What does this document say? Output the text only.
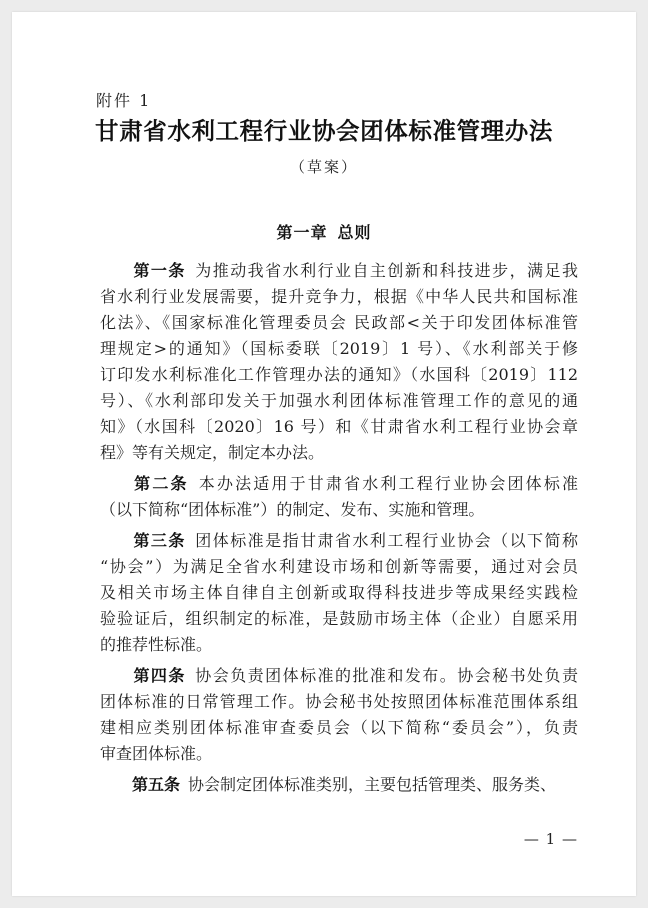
附件 1
甘肃省水利工程行业协会团体标准管理办法
（草案）
第一章 总则
第一条  为推动我省水利行业自主创新和科技进步，满足我
省水利行业发展需要，提升竞争力，根据《中华人民共和国标准
化法》、《国家标准化管理委员会 民政部<关于印发团体标准管
理规定>的通知》（国标委联〔2019〕1 号）、《水利部关于修
订印发水利标准化工作管理办法的通知》（水国科〔2019〕112
号）、《水利部印发关于加强水利团体标准管理工作的意见的通
知》（水国科〔2020〕16 号）和《甘肃省水利工程行业协会章
程》等有关规定，制定本办法。
第二条  本办法适用于甘肃省水利工程行业协会团体标准
（以下简称“团体标准”）的制定、发布、实施和管理。
第三条  团体标准是指甘肃省水利工程行业协会（以下简称
“协会”）为满足全省水利建设市场和创新等需要，通过对会员
及相关市场主体自律自主创新或取得科技进步等成果经实践检
验验证后，组织制定的标准，是鼓励市场主体（企业）自愿采用
的推荐性标准。
第四条  协会负责团体标准的批准和发布。协会秘书处负责
团体标准的日常管理工作。协会秘书处按照团体标准范围体系组
建相应类别团体标准审查委员会（以下简称“委员会”），负责
审查团体标准。
第五条  协会制定团体标准类别，主要包括管理类、服务类、
— 1 —
